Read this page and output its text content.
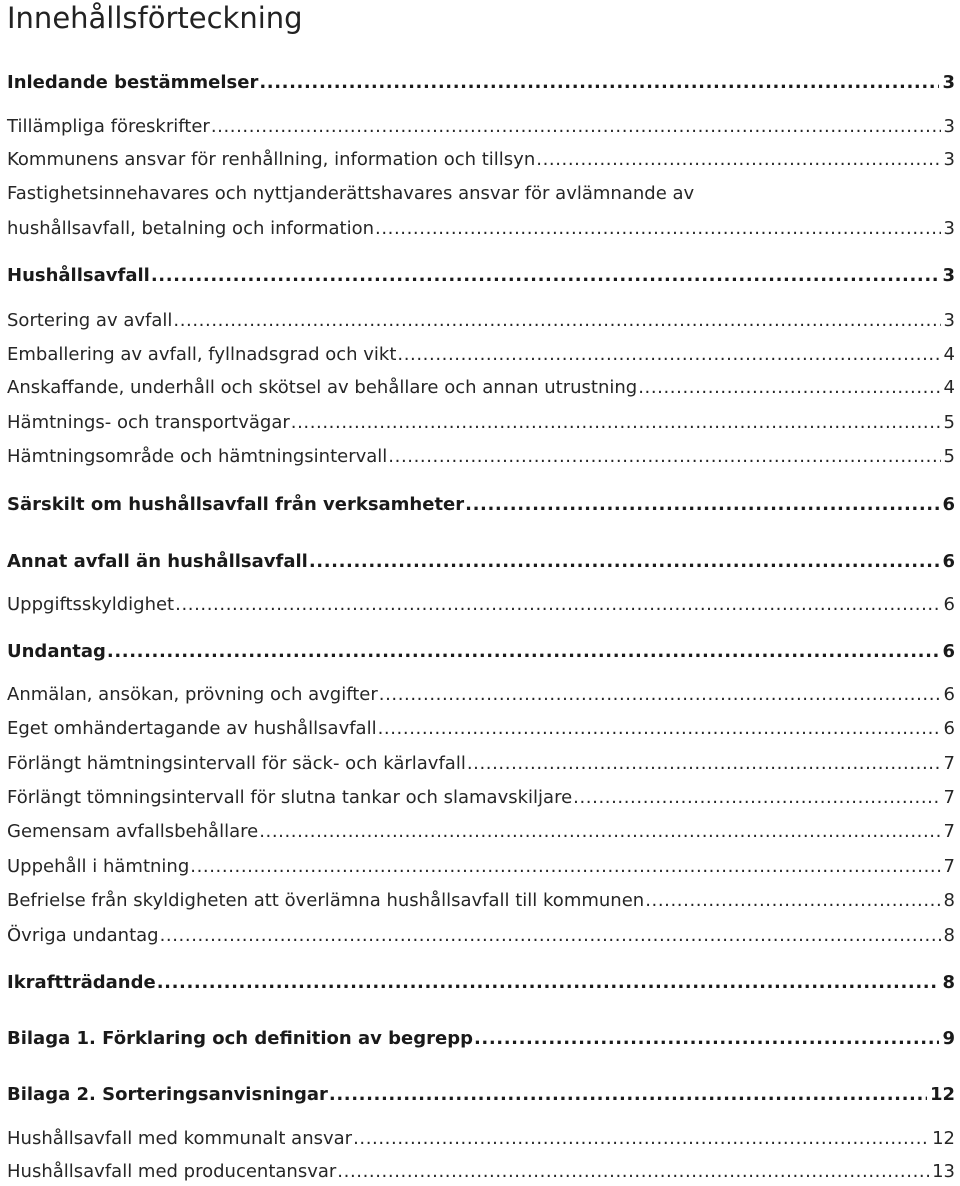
Innehållsförteckning
Inledande bestämmelser .....	3
Tillämpliga föreskrifter .....	3
Kommunens ansvar för renhållning, information och tillsyn .....	3
Fastighetsinnehavares och nyttjanderättshavares ansvar för avlämnande av
hushållsavfall, betalning och information .....	3
Hushållsavfall .....	3
Sortering av avfall .....	3
Emballering av avfall, fyllnadsgrad och vikt .....	4
Anskaffande, underhåll och skötsel av behållare och annan utrustning .....	4
Hämtnings- och transportvägar .....	5
Hämtningsområde och hämtningsintervall .....	5
Särskilt om hushållsavfall från verksamheter .....	6
Annat avfall än hushållsavfall .....	6
Uppgiftsskyldighet .....	6
Undantag .....	6
Anmälan, ansökan, prövning och avgifter .....	6
Eget omhändertagande av hushållsavfall .....	6
Förlängt hämtningsintervall för säck- och kärlavfall .....	7
Förlängt tömningsintervall för slutna tankar och slamavskiljare .....	7
Gemensam avfallsbehållare .....	7
Uppehåll i hämtning .....	7
Befrielse från skyldigheten att överlämna hushållsavfall till kommunen .....	8
Övriga undantag .....	8
Ikraftträdande .....	8
Bilaga 1. Förklaring och definition av begrepp .....	9
Bilaga 2. Sorteringsanvisningar .....	12
Hushållsavfall med kommunalt ansvar .....	12
Hushållsavfall med producentansvar .....	13
